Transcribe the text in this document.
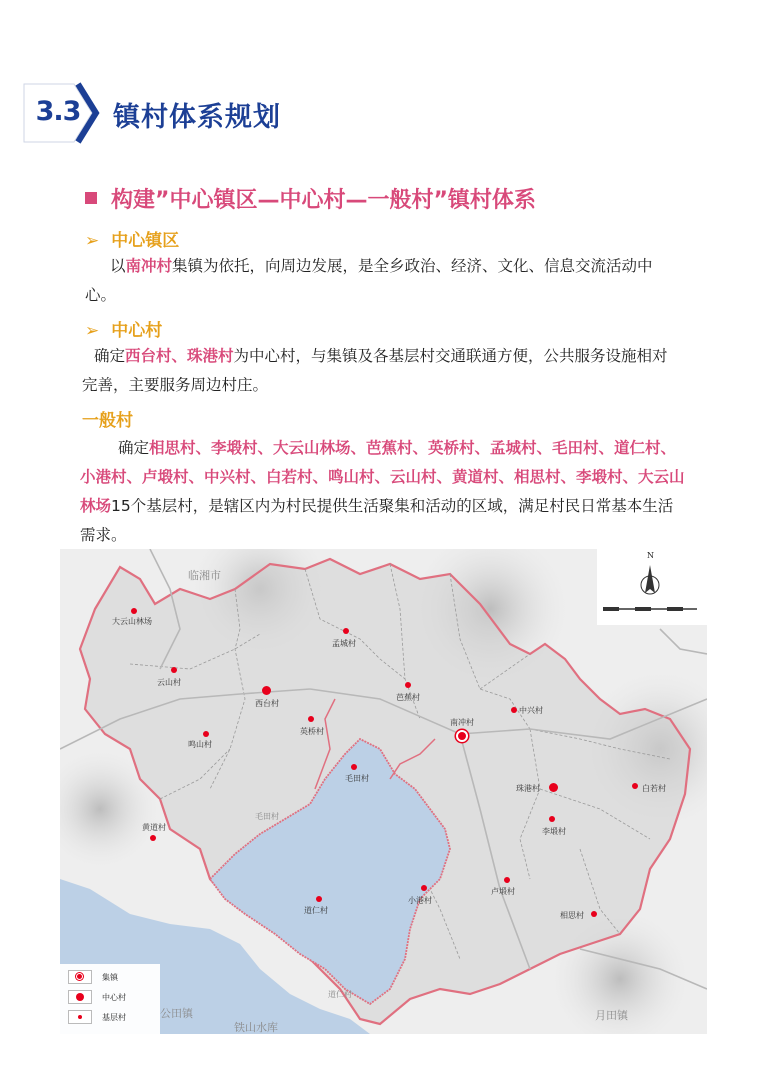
3.3	镇村体系规划
构建”中心镇区—中心村—一般村”镇村体系
➢ 中心镇区
以南冲村集镇为依托，向周边发展，是全乡政治、经济、文化、信息交流活动中心。
➢ 中心村
确定西台村、珠港村为中心村，与集镇及各基层村交通联通方便，公共服务设施相对完善，主要服务周边村庄。
一般村
确定相思村、李塅村、大云山林场、芭蕉村、英桥村、孟城村、毛田村、道仁村、小港村、卢塅村、中兴村、白若村、鸣山村、云山村、黄道村、相思村、李塅村、大云山林场15个基层村，是辖区内为村民提供生活聚集和活动的区域，满足村民日常基本生活需求。
临湘市
公田镇
铁山水库
月田镇
大云山林场
孟城村
云山村
西台村
芭蕉村
南冲村
中兴村
英桥村
鸣山村
毛田村
珠港村	白若村
黄道村	李塅村
毛田村
道仁村
小港村
卢塅村
相思村
道仁村
N
集镇
中心村
基层村
